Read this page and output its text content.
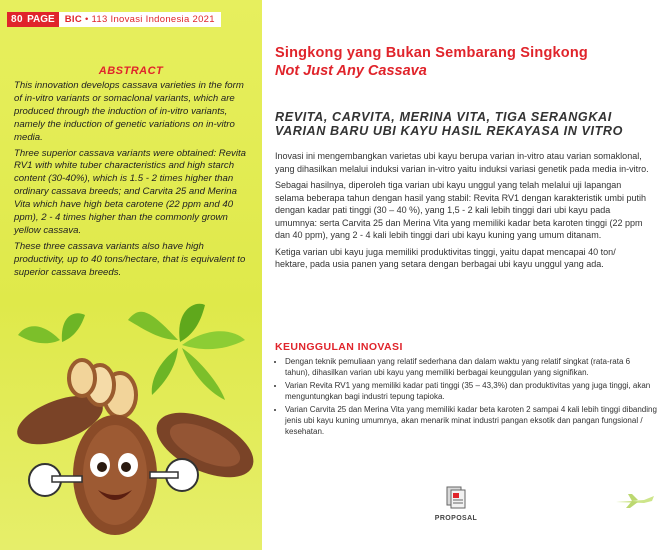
80 PAGE	BIC • 113 Inovasi Indonesia 2021
ABSTRACT

This innovation develops cassava varieties in the form of in-vitro variants or somaclonal variants, which are produced through the induction of in-vitro variants, namely the induction of genetic variations on in-vitro media.

Three superior cassava variants were obtained: Revita RV1 with white tuber characteristics and high starch content (30-40%), which is 1.5 - 2 times higher than ordinary cassava breeds; and Carvita 25 and Merina Vita which have high beta carotene (22 ppm and 40 ppm), 2 - 4 times higher than the commonly grown yellow cassava.

These three cassava variants also have high productivity, up to 40 tons/hectare, that is equivalent to superior cassava breeds.

Singkong yang Bukan Sembarang Singkong
Not Just Any Cassava
REVITA, CARVITA, MERINA VITA, TIGA SERANGKAI VARIAN BARU UBI KAYU HASIL REKAYASA IN VITRO

Inovasi ini mengembangkan varietas ubi kayu berupa varian in-vitro atau varian somaklonal, yang dihasilkan melalui induksi varian in-vitro yaitu induksi variasi genetik pada media in-vitro.

Sebagai hasilnya, diperoleh tiga varian ubi kayu unggul yang telah melalui uji lapangan selama beberapa tahun dengan hasil yang stabil: Revita RV1 dengan karakteristik umbi putih dengan kadar pati tinggi (30 – 40 %), yang 1,5 - 2 kali lebih tinggi dari ubi kayu pada umumnya: serta Carvita 25 dan Merina Vita yang memiliki kadar beta karoten tinggi (22 ppm dan 40 ppm), yang 2 - 4 kali lebih tinggi dari ubi kayu kuning yang umum ditanam.

Ketiga varian ubi kayu juga memiliki produktivitas tinggi, yaitu dapat mencapai 40 ton/ hektare, pada usia panen yang setara dengan berbagai ubi kayu unggul yang ada.

KEUNGGULAN INOVASI
• Dengan teknik pemuliaan yang relatif sederhana dan dalam waktu yang relatif singkat (rata-rata 6 tahun), dihasilkan varian ubi kayu yang memiliki berbagai keunggulan yang signifikan.
• Varian Revita RV1 yang memiliki kadar pati tinggi (35 – 43,3%) dan produktivitas yang juga tinggi, akan menguntungkan bagi industri tepung tapioka.
• Varian Carvita 25 dan Merina Vita yang memiliki kadar beta karoten 2 sampai 4 kali lebih tinggi dibanding jenis ubi kayu kuning umumnya, akan menarik minat industri pangan eksotik dan pangan fungsional / kesehatan.
PROPOSAL
